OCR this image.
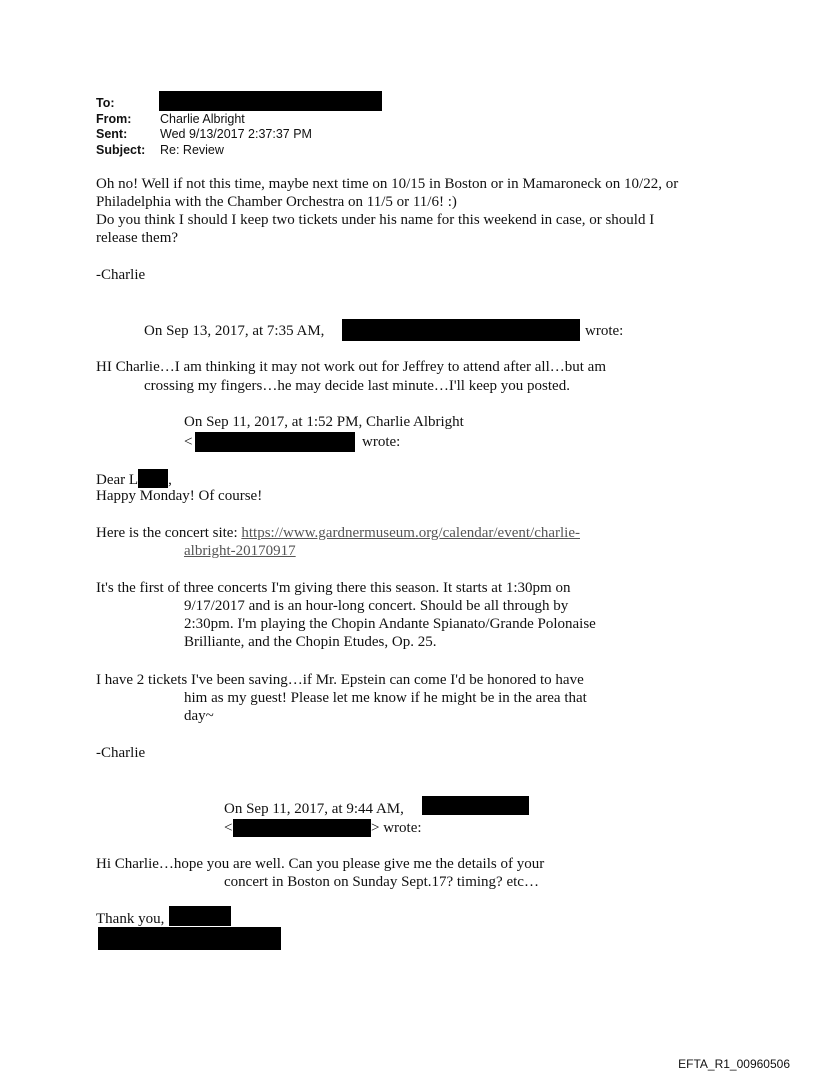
To:
From: Charlie Albright
Sent:	Wed 9/13/2017 2:37:37 PM
Subject: Re: Review
Oh no! Well if not this time, maybe next time on 10/15 in Boston or in Mamaroneck on 10/22, or
Philadelphia with the Chamber Orchestra on 11/5 or 11/6! :)
Do you think I should I keep two tickets under his name for this weekend in case, or should I
release them?
-Charlie
On Sep 13, 2017, at 7:35 AM,	wrote:
HI Charlie…I am thinking it may not work out for Jeffrey to attend after all…but am
crossing my fingers…he may decide last minute…I'll keep you posted.
On Sep 11, 2017, at 1:52 PM, Charlie Albright
<	wrote:
Dear L ,
Happy Monday! Of course!
Here is the concert site: https://www.gardnermuseum.org/calendar/event/charlie-
albright-20170917
It's the first of three concerts I'm giving there this season. It starts at 1:30pm on
9/17/2017 and is an hour-long concert. Should be all through by
2:30pm. I'm playing the Chopin Andante Spianato/Grande Polonaise
Brilliante, and the Chopin Etudes, Op. 25.
I have 2 tickets I've been saving…if Mr. Epstein can come I'd be honored to have
him as my guest! Please let me know if he might be in the area that
day~
-Charlie
On Sep 11, 2017, at 9:44 AM,
<	> wrote:
Hi Charlie…hope you are well. Can you please give me the details of your
concert in Boston on Sunday Sept.17? timing? etc…
Thank you,
EFTA_R1_00960506
